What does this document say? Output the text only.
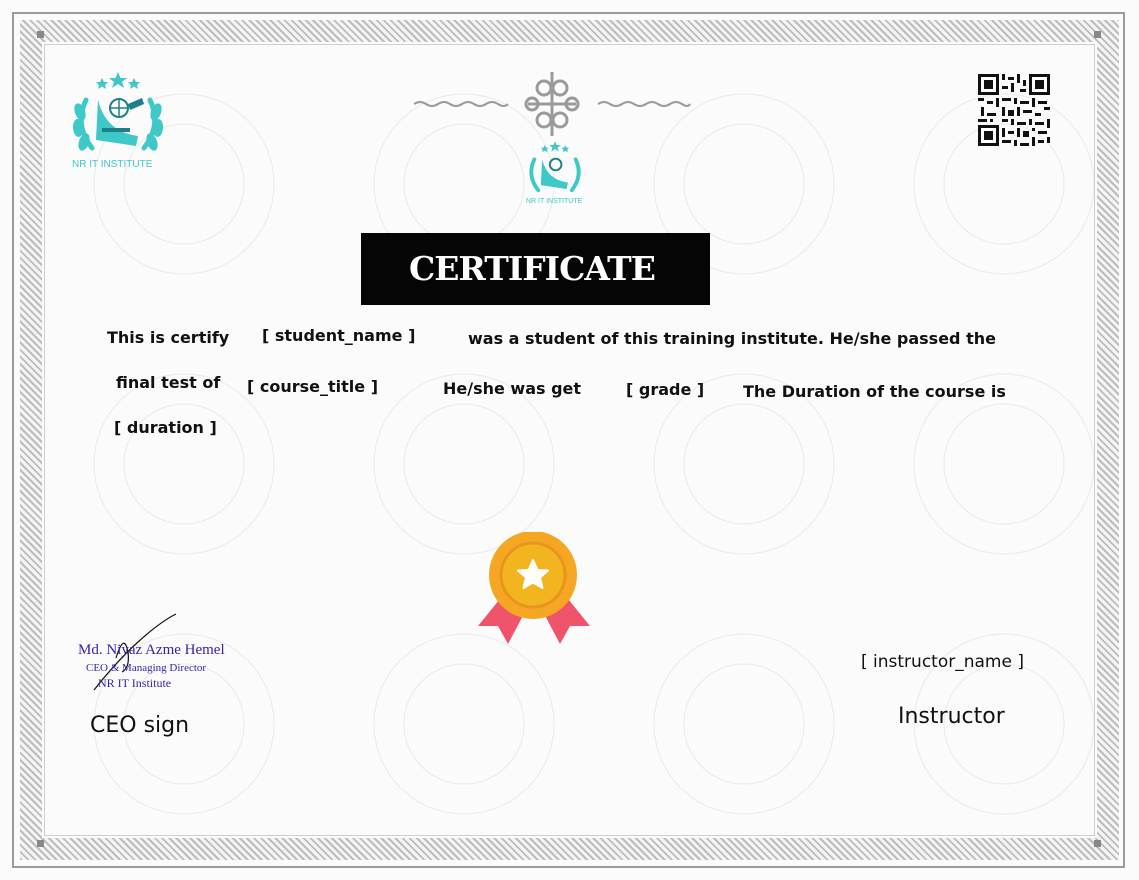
NR IT INSTITUTE
NR IT INSTITUTE
CERTIFICATE
This is certify [ student_name ]	was a student of this training institute. He/she passed the
final test of [ course_title ]	He/she was get	[ grade ] The Duration of the course is
[ duration ]
Md. Niyaz Azme Hemel
CEO & Managing Director
NR IT Institute
CEO sign
[ instructor_name ]
Instructor
